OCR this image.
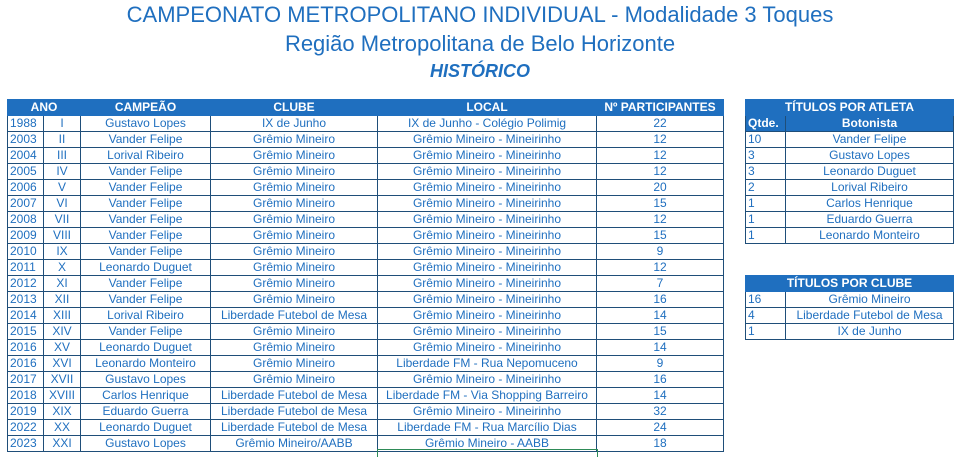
CAMPEONATO METROPOLITANO INDIVIDUAL - Modalidade 3 Toques
Região Metropolitana de Belo Horizonte
HISTÓRICO
ANO		CAMPEÃO	CLUBE	LOCAL	Nº PARTICIPANTES
1988	I	Gustavo Lopes	IX de Junho	IX de Junho - Colégio Polimig	22
2003	II	Vander Felipe	Grêmio Mineiro	Grêmio Mineiro - Mineirinho	12
2004	III	Lorival Ribeiro	Grêmio Mineiro	Grêmio Mineiro - Mineirinho	12
2005	IV	Vander Felipe	Grêmio Mineiro	Grêmio Mineiro - Mineirinho	12
2006	V	Vander Felipe	Grêmio Mineiro	Grêmio Mineiro - Mineirinho	20
2007	VI	Vander Felipe	Grêmio Mineiro	Grêmio Mineiro - Mineirinho	15
2008	VII	Vander Felipe	Grêmio Mineiro	Grêmio Mineiro - Mineirinho	12
2009	VIII	Vander Felipe	Grêmio Mineiro	Grêmio Mineiro - Mineirinho	15
2010	IX	Vander Felipe	Grêmio Mineiro	Grêmio Mineiro - Mineirinho	9
2011	X	Leonardo Duguet	Grêmio Mineiro	Grêmio Mineiro - Mineirinho	12
2012	XI	Vander Felipe	Grêmio Mineiro	Grêmio Mineiro - Mineirinho	7
2013	XII	Vander Felipe	Grêmio Mineiro	Grêmio Mineiro - Mineirinho	16
2014	XIII	Lorival Ribeiro	Liberdade Futebol de Mesa	Grêmio Mineiro - Mineirinho	14
2015	XIV	Vander Felipe	Grêmio Mineiro	Grêmio Mineiro - Mineirinho	15
2016	XV	Leonardo Duguet	Grêmio Mineiro	Grêmio Mineiro - Mineirinho	14
2016	XVI	Leonardo Monteiro	Grêmio Mineiro	Liberdade FM - Rua Nepomuceno	9
2017	XVII	Gustavo Lopes	Grêmio Mineiro	Grêmio Mineiro - Mineirinho	16
2018	XVIII	Carlos Henrique	Liberdade Futebol de Mesa	Liberdade FM - Via Shopping Barreiro	14
2019	XIX	Eduardo Guerra	Liberdade Futebol de Mesa	Grêmio Mineiro - Mineirinho	32
2022	XX	Leonardo Duguet	Liberdade Futebol de Mesa	Liberdade FM - Rua Marcílio Dias	24
2023	XXI	Gustavo Lopes	Grêmio Mineiro/AABB	Grêmio Mineiro - AABB	18
TÍTULOS POR ATLETA	
Qtde.	Botonista
10	Vander Felipe
3	Gustavo Lopes
3	Leonardo Duguet
2	Lorival Ribeiro
1	Carlos Henrique
1	Eduardo Guerra
1	Leonardo Monteiro
TÍTULOS POR CLUBE	
16	Grêmio Mineiro
4	Liberdade Futebol de Mesa
1	IX de Junho
